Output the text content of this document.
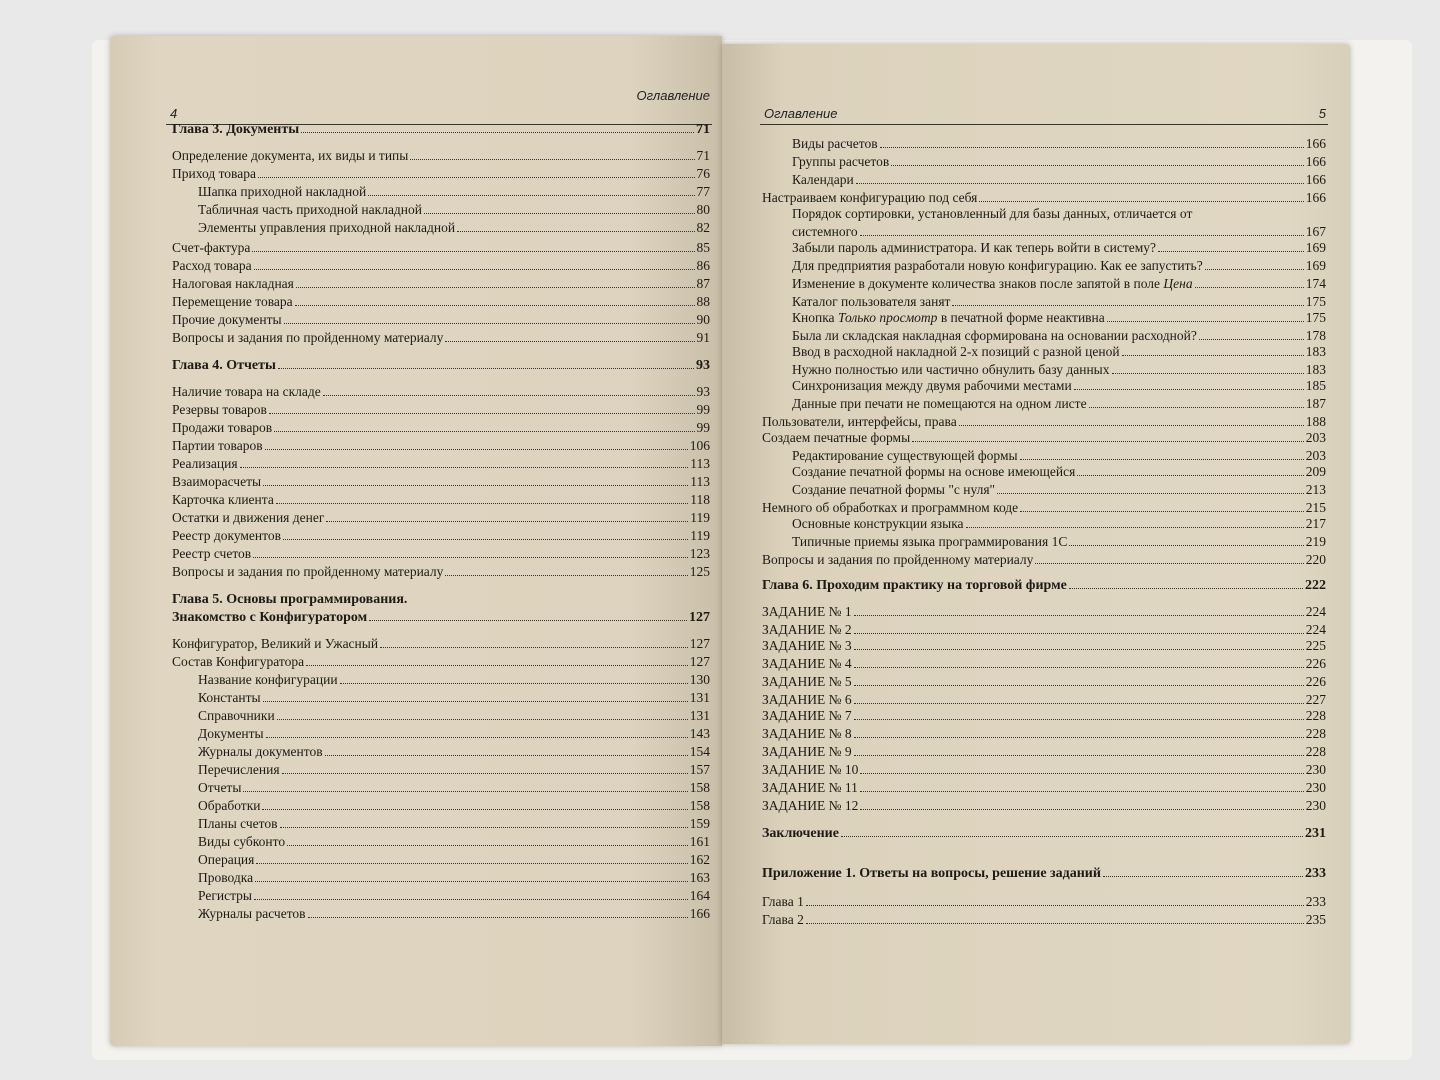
4
Оглавление
Глава 3. Документы	71
Определение документа, их виды и типы	71
Приход товара	76
Шапка приходной накладной	77
Табличная часть приходной накладной	80
Элементы управления приходной накладной	82
Счет-фактура	85
Расход товара	86
Налоговая накладная	87
Перемещение товара	88
Прочие документы	90
Вопросы и задания по пройденному материалу	91
Глава 4. Отчеты	93
Наличие товара на складе	93
Резервы товаров	99
Продажи товаров	99
Партии товаров	106
Реализация	113
Взаиморасчеты	113
Карточка клиента	118
Остатки и движения денег	119
Реестр документов	119
Реестр счетов	123
Вопросы и задания по пройденному материалу	125
Глава 5. Основы программирования.
Знакомство с Конфигуратором	127
Конфигуратор, Великий и Ужасный	127
Состав Конфигуратора	127
Название конфигурации	130
Константы	131
Справочники	131
Документы	143
Журналы документов	154
Перечисления	157
Отчеты	158
Обработки	158
Планы счетов	159
Виды субконто	161
Операция	162
Проводка	163
Регистры	164
Журналы расчетов	166
Оглавление	5
Виды расчетов	166
Группы расчетов	166
Календари	166
Настраиваем конфигурацию под себя	166
Порядок сортировки, установленный для базы данных, отличается от
системного	167
Забыли пароль администратора. И как теперь войти в систему?	169
Для предприятия разработали новую конфигурацию. Как ее запустить?	169
Изменение в документе количества знаков после запятой в поле Цена	174
Каталог пользователя занят	175
Кнопка Только просмотр в печатной форме неактивна	175
Была ли складская накладная сформирована на основании расходной?	178
Ввод в расходной накладной 2-х позиций с разной ценой	183
Нужно полностью или частично обнулить базу данных	183
Синхронизация между двумя рабочими местами	185
Данные при печати не помещаются на одном листе	187
Пользователи, интерфейсы, права	188
Создаем печатные формы	203
Редактирование существующей формы	203
Создание печатной формы на основе имеющейся	209
Создание печатной формы "с нуля"	213
Немного об обработках и программном коде	215
Основные конструкции языка	217
Типичные приемы языка программирования 1С	219
Вопросы и задания по пройденному материалу	220
Глава 6. Проходим практику на торговой фирме	222
ЗАДАНИЕ № 1	224
ЗАДАНИЕ № 2	224
ЗАДАНИЕ № 3	225
ЗАДАНИЕ № 4	226
ЗАДАНИЕ № 5	226
ЗАДАНИЕ № 6	227
ЗАДАНИЕ № 7	228
ЗАДАНИЕ № 8	228
ЗАДАНИЕ № 9	228
ЗАДАНИЕ № 10	230
ЗАДАНИЕ № 11	230
ЗАДАНИЕ № 12	230
Заключение	231
Приложение 1. Ответы на вопросы, решение заданий	233
Глава 1	233
Глава 2	235
